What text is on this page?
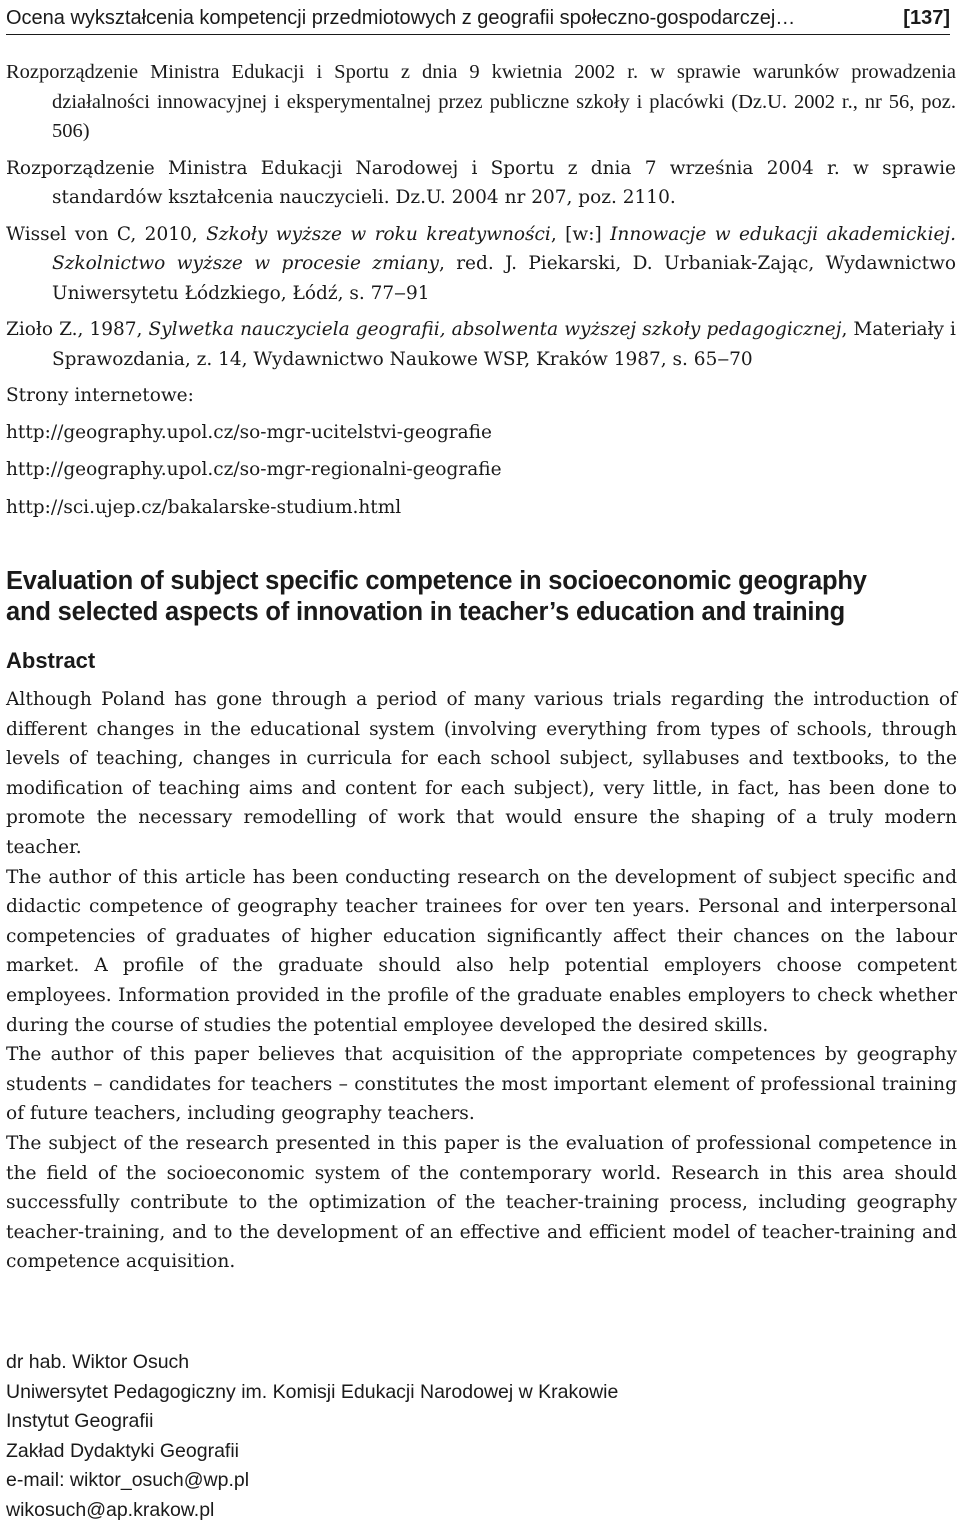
Ocena wykształcenia kompetencji przedmiotowych z geografii społeczno-gospodarczej…	[137]

Rozporządzenie Ministra Edukacji i Sportu z dnia 9 kwietnia 2002 r. w sprawie warunków prowadzenia działalności innowacyjnej i eksperymentalnej przez publiczne szkoły i placówki (Dz.U. 2002 r., nr 56, poz. 506)

Rozporządzenie Ministra Edukacji Narodowej i Sportu z dnia 7 września 2004 r. w sprawie standardów kształcenia nauczycieli. Dz.U. 2004 nr 207, poz. 2110.

Wissel von C, 2010, Szkoły wyższe w roku kreatywności, [w:] Innowacje w edukacji akademickiej. Szkolnictwo wyższe w procesie zmiany, red. J. Piekarski, D. Urbaniak-Zając, Wydawnictwo Uniwersytetu Łódzkiego, Łódź, s. 77‒91

Zioło Z., 1987, Sylwetka nauczyciela geografii, absolwenta wyższej szkoły pedagogicznej, Materiały i Sprawozdania, z. 14, Wydawnictwo Naukowe WSP, Kraków 1987, s. 65‒70

Strony internetowe:

http://geography.upol.cz/so-mgr-ucitelstvi-geografie

http://geography.upol.cz/so-mgr-regionalni-geografie

http://sci.ujep.cz/bakalarske-studium.html

Evaluation of subject specific competence in socioeconomic geography
and selected aspects of innovation in teacher’s education and training
Abstract

Although Poland has gone through a period of many various trials regarding the introduction of different changes in the educational system (involving everything from types of schools, through levels of teaching, changes in curricula for each school subject, syllabuses and textbooks, to the modification of teaching aims and content for each subject), very little, in fact, has been done to promote the necessary remodelling of work that would ensure the shaping of a truly modern teacher.

The author of this article has been conducting research on the development of subject specific and didactic competence of geography teacher trainees for over ten years. Personal and interpersonal competencies of graduates of higher education significantly affect their chances on the labour market. A profile of the graduate should also help potential employers choose competent employees. Information provided in the profile of the graduate enables employers to check whether during the course of studies the potential employee developed the desired skills.

The author of this paper believes that acquisition of the appropriate competences by geography students – candidates for teachers – constitutes the most important element of professional training of future teachers, including geography teachers.

The subject of the research presented in this paper is the evaluation of professional competence in the field of the socioeconomic system of the contemporary world. Research in this area should successfully contribute to the optimization of the teacher-training process, including geography teacher-training, and to the development of an effective and efficient model of teacher-training and competence acquisition.

dr hab. Wiktor Osuch
Uniwersytet Pedagogiczny im. Komisji Edukacji Narodowej w Krakowie
Instytut Geografii
Zakład Dydaktyki Geografii
e-mail: wiktor_osuch@wp.pl
wikosuch@ap.krakow.pl
